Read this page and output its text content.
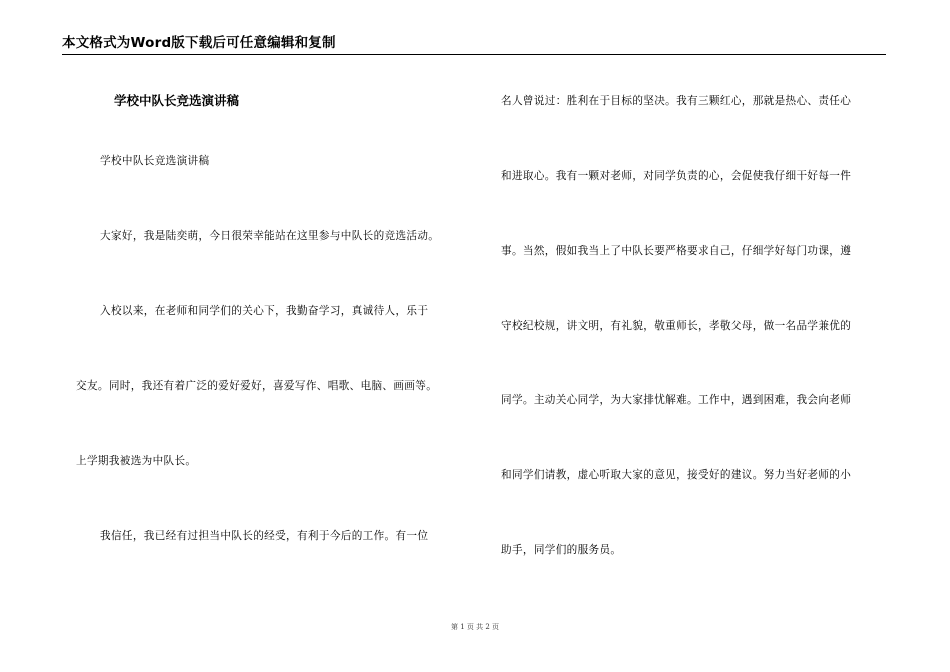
本文格式为Word版下载后可任意编辑和复制
学校中队长竞选演讲稿
学校中队长竞选演讲稿
大家好，我是陆奕萌，今日很荣幸能站在这里参与中队长的竞选活动。
入校以来，在老师和同学们的关心下，我勤奋学习，真诚待人，乐于
交友。同时，我还有着广泛的爱好爱好，喜爱写作、唱歌、电脑、画画等。
上学期我被选为中队长。
我信任，我已经有过担当中队长的经受，有利于今后的工作。有一位
名人曾说过：胜利在于目标的坚决。我有三颗红心，那就是热心、责任心
和进取心。我有一颗对老师，对同学负责的心，会促使我仔细干好每一件
事。当然，假如我当上了中队长要严格要求自己，仔细学好每门功课，遵
守校纪校规，讲文明，有礼貌，敬重师长，孝敬父母，做一名品学兼优的
同学。主动关心同学，为大家排忧解难。工作中，遇到困难，我会向老师
和同学们请教，虚心听取大家的意见，接受好的建议。努力当好老师的小
助手，同学们的服务员。
第 1 页 共 2 页
